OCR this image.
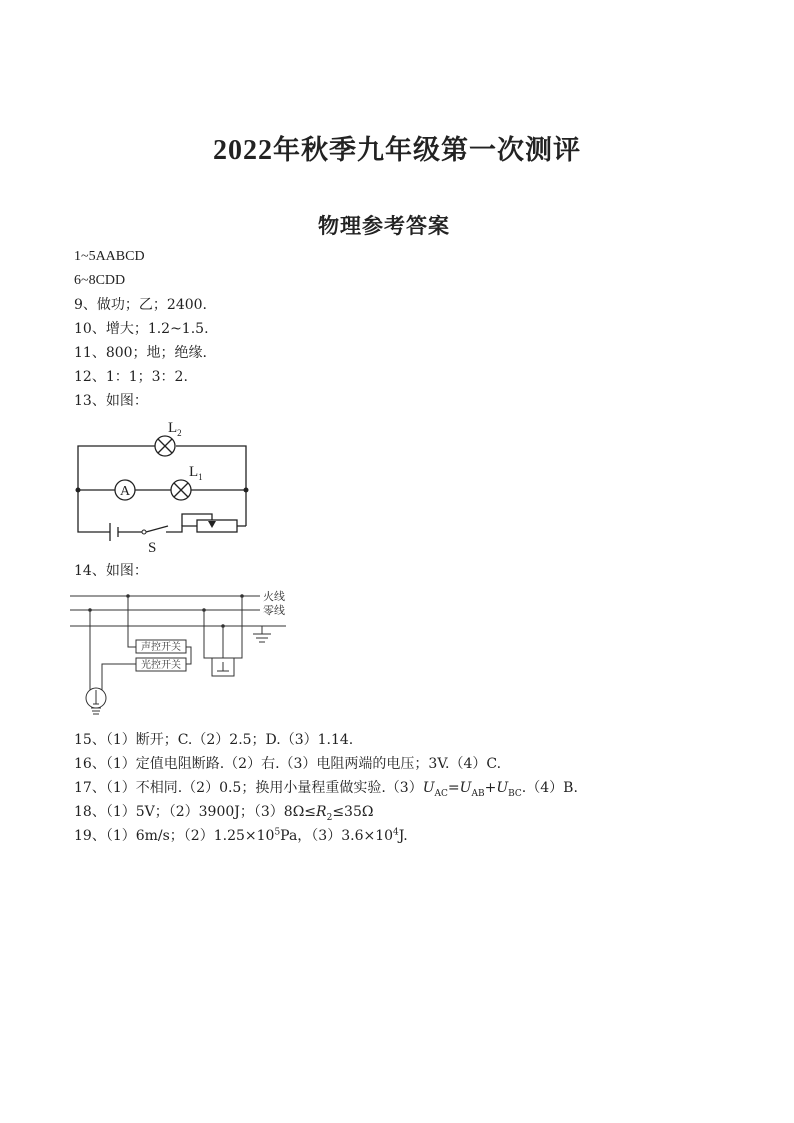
2022年秋季九年级第一次测评
物理参考答案
1~5AABCD
6~8CDD
9、做功；乙；2400.
10、增大；1.2~1.5.
11、800；地；绝缘.
12、1：1；3：2.
13、如图：
$L_2$
$L_1$
A
S
14、如图：
火线
零线
声控开关
光控开关
15、（1）断开；C.（2）2.5；D.（3）1.14.
16、（1）定值电阻断路.（2）右.（3）电阻两端的电压；3V.（4）C.
17、（1）不相同.（2）0.5；换用小量程重做实验$.(3)U_{AC}=U_{AB}+U_{BC}.(4)B$.
18、（1）5V；（2）3900J；$(3)8\Omega\le R_2\le 35\Omega$
19、（1）6m/s；$(2)1.25\times 10^5Pa$，$(3)3.6\times 10^4J$.
